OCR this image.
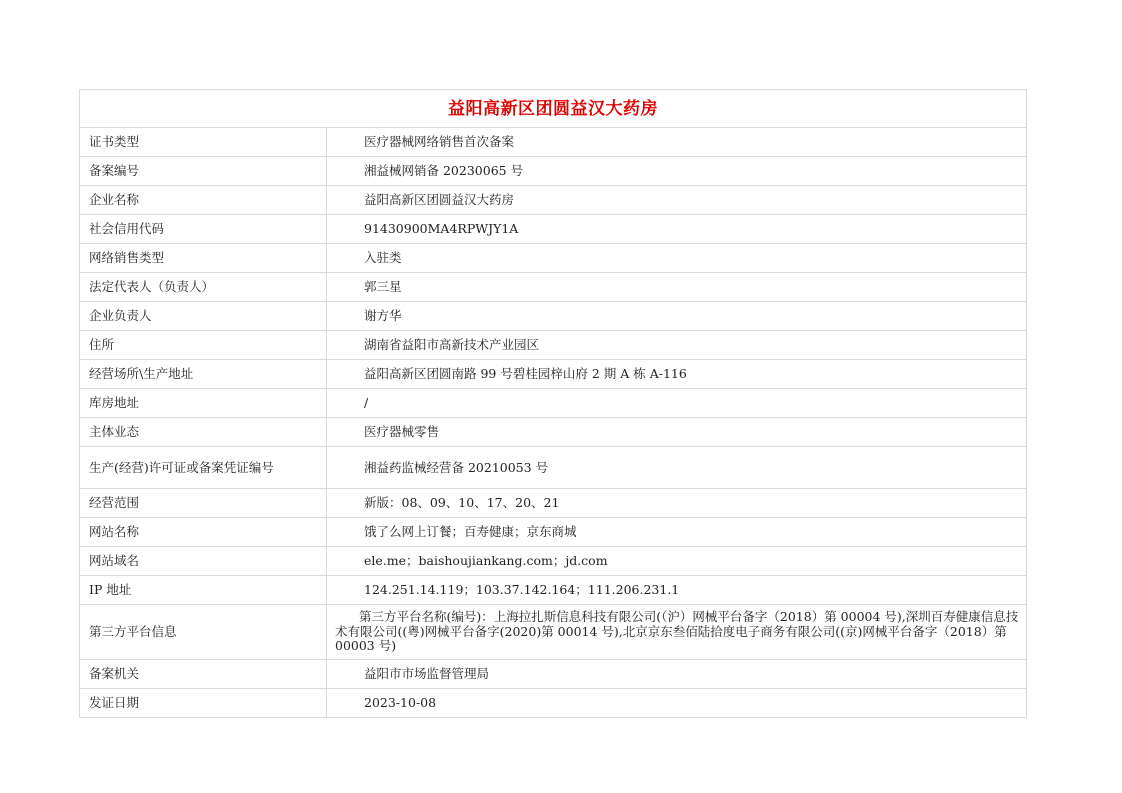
益阳高新区团圆益汉大药房	
证书类型	医疗器械网络销售首次备案
备案编号	湘益械网销备 20230065 号
企业名称	益阳高新区团圆益汉大药房
社会信用代码	91430900MA4RPWJY1A
网络销售类型	入驻类
法定代表人（负责人）	郭三星
企业负责人	谢方华
住所	湖南省益阳市高新技术产业园区
经营场所\生产地址	益阳高新区团圆南路 99 号碧桂园梓山府 2 期 A 栋 A-116
库房地址	/
主体业态	医疗器械零售
生产(经营)许可证或备案凭证编号	湘益药监械经营备 20210053 号
经营范围	新版：08、09、10、17、20、21
网站名称	饿了么网上订餐；百寿健康；京东商城
网站域名	ele.me；baishoujiankang.com；jd.com
IP 地址	124.251.14.119；103.37.142.164；111.206.231.1
第三方平台信息	第三方平台名称(编号)：上海拉扎斯信息科技有限公司(（沪）网械平台备字（2018）第 00004 号),深圳百寿健康信息技术有限公司((粤)网械平台备字(2020)第 00014 号),北京京东叁佰陆拾度电子商务有限公司((京)网械平台备字（2018）第 00003 号)

备案机关	益阳市市场监督管理局
发证日期	2023-10-08
